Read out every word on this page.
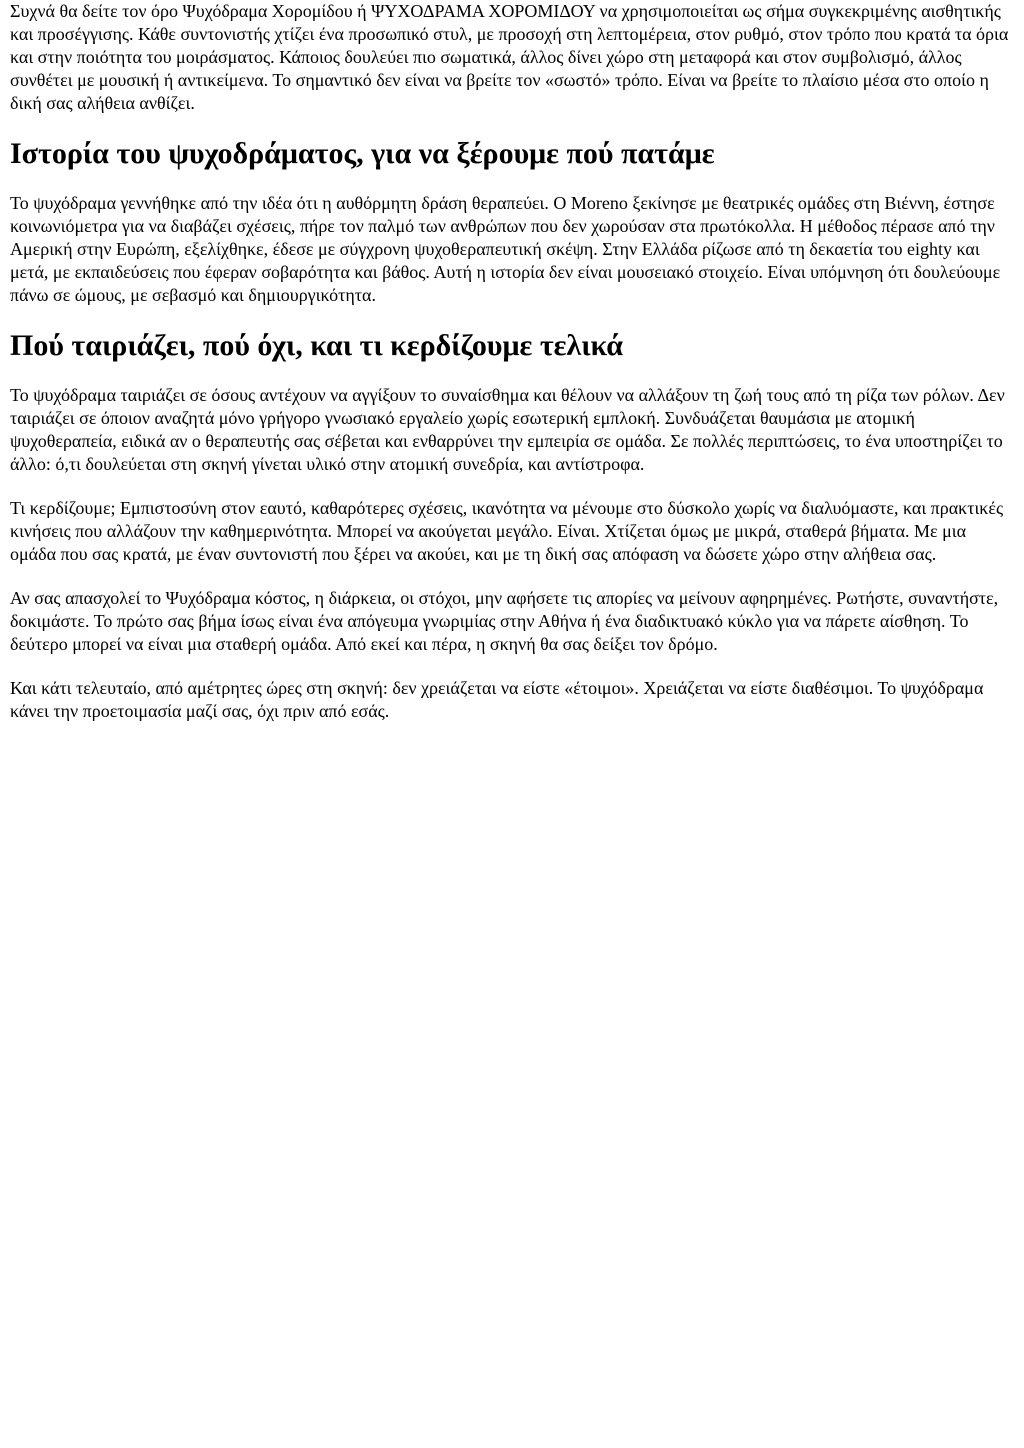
Συχνά θα δείτε τον όρο Ψυχόδραμα Χορομίδου ή ΨΥΧΟΔΡΑΜΑ ΧΟΡΟΜΙΔΟΥ να χρησιμοποιείται ως σήμα συγκεκριμένης αισθητικής και προσέγγισης. Κάθε συντονιστής χτίζει ένα προσωπικό στυλ, με προσοχή στη λεπτομέρεια, στον ρυθμό, στον τρόπο που κρατά τα όρια και στην ποιότητα του μοιράσματος. Κάποιος δουλεύει πιο σωματικά, άλλος δίνει χώρο στη μεταφορά και στον συμβολισμό, άλλος συνθέτει με μουσική ή αντικείμενα. Το σημαντικό δεν είναι να βρείτε τον «σωστό» τρόπο. Είναι να βρείτε το πλαίσιο μέσα στο οποίο η δική σας αλήθεια ανθίζει.

Ιστορία του ψυχοδράματος, για να ξέρουμε πού πατάμε

Το ψυχόδραμα γεννήθηκε από την ιδέα ότι η αυθόρμητη δράση θεραπεύει. Ο Moreno ξεκίνησε με θεατρικές ομάδες στη Βιέννη, έστησε κοινωνιόμετρα για να διαβάζει σχέσεις, πήρε τον παλμό των ανθρώπων που δεν χωρούσαν στα πρωτόκολλα. Η μέθοδος πέρασε από την Αμερική στην Ευρώπη, εξελίχθηκε, έδεσε με σύγχρονη ψυχοθεραπευτική σκέψη. Στην Ελλάδα ρίζωσε από τη δεκαετία του eighty και μετά, με εκπαιδεύσεις που έφεραν σοβαρότητα και βάθος. Αυτή η ιστορία δεν είναι μουσειακό στοιχείο. Είναι υπόμνηση ότι δουλεύουμε πάνω σε ώμους, με σεβασμό και δημιουργικότητα.

Πού ταιριάζει, πού όχι, και τι κερδίζουμε τελικά

Το ψυχόδραμα ταιριάζει σε όσους αντέχουν να αγγίξουν το συναίσθημα και θέλουν να αλλάξουν τη ζωή τους από τη ρίζα των ρόλων. Δεν ταιριάζει σε όποιον αναζητά μόνο γρήγορο γνωσιακό εργαλείο χωρίς εσωτερική εμπλοκή. Συνδυάζεται θαυμάσια με ατομική ψυχοθεραπεία, ειδικά αν ο θεραπευτής σας σέβεται και ενθαρρύνει την εμπειρία σε ομάδα. Σε πολλές περιπτώσεις, το ένα υποστηρίζει το άλλο: ό,τι δουλεύεται στη σκηνή γίνεται υλικό στην ατομική συνεδρία, και αντίστροφα.

Τι κερδίζουμε; Εμπιστοσύνη στον εαυτό, καθαρότερες σχέσεις, ικανότητα να μένουμε στο δύσκολο χωρίς να διαλυόμαστε, και πρακτικές κινήσεις που αλλάζουν την καθημερινότητα. Μπορεί να ακούγεται μεγάλο. Είναι. Χτίζεται όμως με μικρά, σταθερά βήματα. Με μια ομάδα που σας κρατά, με έναν συντονιστή που ξέρει να ακούει, και με τη δική σας απόφαση να δώσετε χώρο στην αλήθεια σας.

Αν σας απασχολεί το Ψυχόδραμα κόστος, η διάρκεια, οι στόχοι, μην αφήσετε τις απορίες να μείνουν αφηρημένες. Ρωτήστε, συναντήστε, δοκιμάστε. Το πρώτο σας βήμα ίσως είναι ένα απόγευμα γνωριμίας στην Αθήνα ή ένα διαδικτυακό κύκλο για να πάρετε αίσθηση. Το δεύτερο μπορεί να είναι μια σταθερή ομάδα. Από εκεί και πέρα, η σκηνή θα σας δείξει τον δρόμο.

Και κάτι τελευταίο, από αμέτρητες ώρες στη σκηνή: δεν χρειάζεται να είστε «έτοιμοι». Χρειάζεται να είστε διαθέσιμοι. Το ψυχόδραμα κάνει την προετοιμασία μαζί σας, όχι πριν από εσάς.
